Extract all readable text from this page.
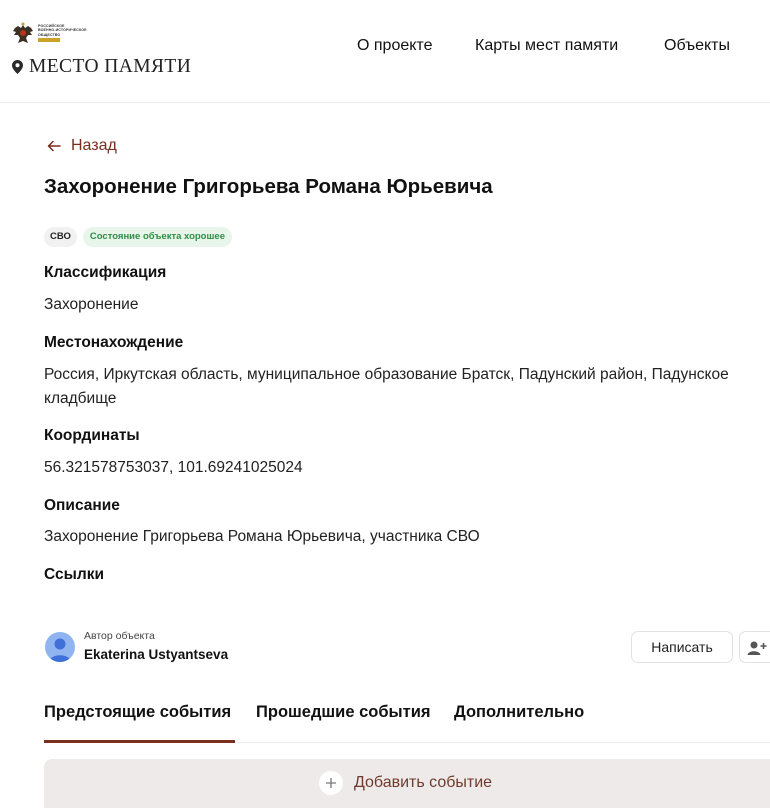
РОССИЙСКОЕ
ВОЕННО-ИСТОРИЧЕСКОЕ
ОБЩЕСТВО
МЕСТО ПАМЯТИ
О проекте	Карты мест памяти	Объекты
Назад
Захоронение Григорьева Романа Юрьевича
СВО	Состояние объекта хорошее
Классификация
Захоронение
Местонахождение
Россия, Иркутская область, муниципальное образование Братск, Падунский район, Падунское кладбище
Координаты
56.321578753037, 101.69241025024
Описание
Захоронение Григорьева Романа Юрьевича, участника СВО
Ссылки
Автор объекта
Ekaterina Ustyantseva	Написать
Предстоящие события Прошедшие события Дополнительно
Добавить событие
